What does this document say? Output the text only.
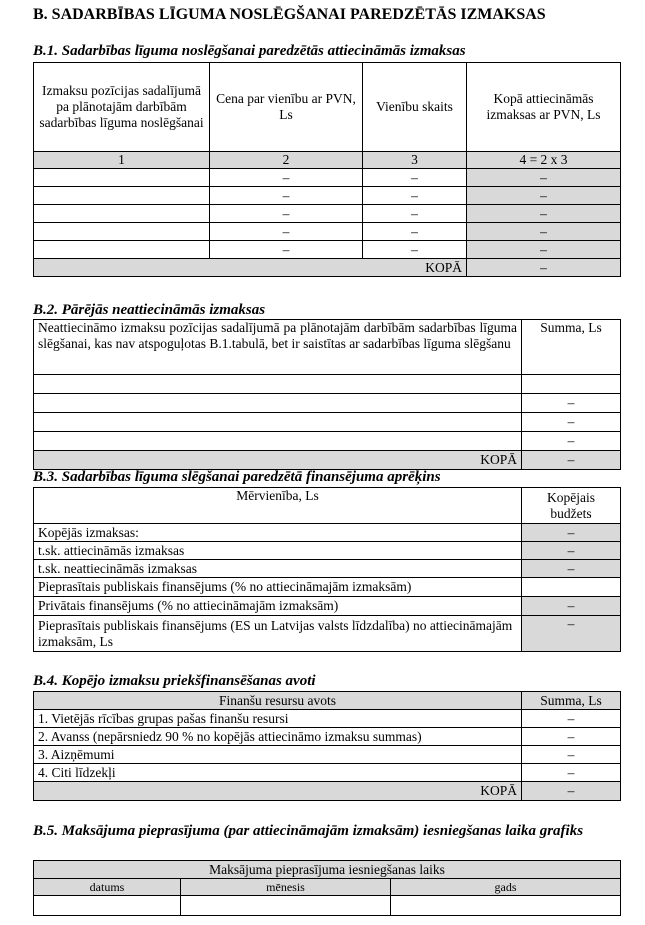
B. SADARBĪBAS LĪGUMA NOSLĒGŠANAI PAREDZĒTĀS IZMAKSAS
B.1. Sadarbības līguma noslēgšanai paredzētās attiecināmās izmaksas
Izmaksu pozīcijas sadalījumā pa plānotajām darbībām sadarbības līguma noslēgšanai	Cena par vienību ar PVN, Ls	Vienību skaits	Kopā attiecināmās izmaksas ar PVN, Ls
1	2	3	4 = 2 x 3
	–	–	–
	–	–	–
	–	–	–
	–	–	–
	–	–	–
KOPĀ			–
B.2. Pārējās neattiecināmās izmaksas
Neattiecināmo izmaksu pozīcijas sadalījumā pa plānotajām darbībām sadarbības līguma slēgšanai, kas nav atspoguļotas B.1.tabulā, bet ir saistītas ar sadarbības līguma slēgšanu	Summa, Ls

	–
	–
	–
KOPĀ	–
B.3. Sadarbības līguma slēgšanai paredzētā finansējuma aprēķins
Mērvienība, Ls	Kopējais budžets
Kopējās izmaksas:	–
t.sk. attiecināmās izmaksas	–
t.sk. neattiecināmās izmaksas	–
Pieprasītais publiskais finansējums (% no attiecināmajām izmaksām)	
Privātais finansējums (% no attiecināmajām izmaksām)	–
Pieprasītais publiskais finansējums (ES un Latvijas valsts līdzdalība) no attiecināmajām izmaksām, Ls	–
B.4. Kopējo izmaksu priekšfinansēšanas avoti
Finanšu resursu avots	Summa, Ls
1. Vietējās rīcības grupas pašas finanšu resursi	–
2. Avanss (nepārsniedz 90 % no kopējās attiecināmo izmaksu summas)	–
3. Aizņēmumi	–
4. Citi līdzekļi	–
KOPĀ	–
B.5. Maksājuma pieprasījuma (par attiecināmajām izmaksām) iesniegšanas laika grafiks
Maksājuma pieprasījuma iesniegšanas laiks		
datums	mēnesis	gads
